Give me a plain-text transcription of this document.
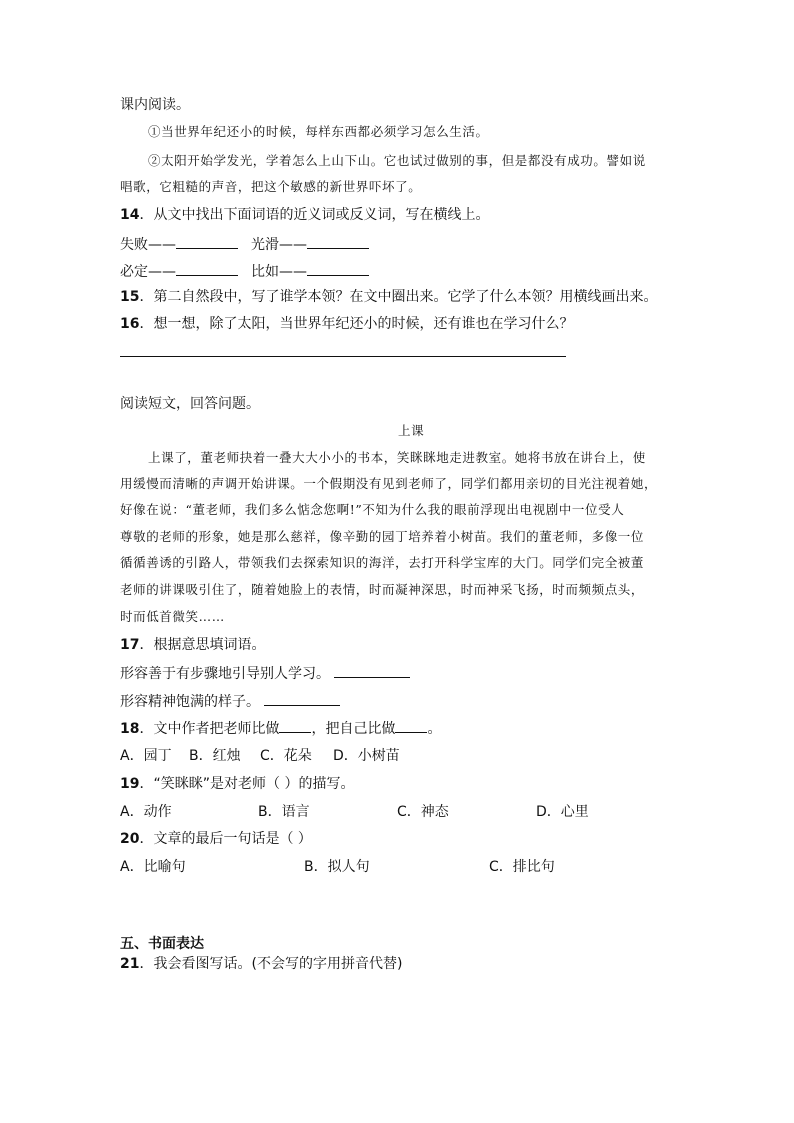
课内阅读。
①当世界年纪还小的时候，每样东西都必须学习怎么生活。
②太阳开始学发光，学着怎么上山下山。它也试过做别的事，但是都没有成功。譬如说
唱歌，它粗糙的声音，把这个敏感的新世界吓坏了。
14．从文中找出下面词语的近义词或反义词，写在横线上。
失败——	光滑——
必定——	比如——
15．第二自然段中，写了谁学本领？在文中圈出来。它学了什么本领？用横线画出来。
16．想一想，除了太阳，当世界年纪还小的时候，还有谁也在学习什么？
阅读短文，回答问题。
上课
上课了，董老师抉着一叠大大小小的书本，笑眯眯地走进教室。她将书放在讲台上，使
用缓慢而清晰的声调开始讲课。一个假期没有见到老师了，同学们都用亲切的目光注视着她，
好像在说：“董老师，我们多么惦念您啊!”不知为什么我的眼前浮现出电视剧中一位受人
尊敬的老师的形象，她是那么慈祥，像辛勤的园丁培养着小树苗。我们的董老师，多像一位
循循善诱的引路人，带领我们去探索知识的海洋，去打开科学宝库的大门。同学们完全被董
老师的讲课吸引住了，随着她脸上的表情，时而凝神深思，时而神采飞扬，时而频频点头，
时而低首微笑……
17．根据意思填词语。
形容善于有步骤地引导别人学习。
形容精神饱满的样子。
18．文中作者把老师比做 ，把自己比做 。
A．园丁 B．红烛 C．花朵 D．小树苗
19．“笑眯眯”是对老师（ ）的描写。
A．动作	B．语言	C．神态	D．心里
20．文章的最后一句话是（ ）
A．比喻句	B．拟人句	C．排比句
五、书面表达
21．我会看图写话。(不会写的字用拼音代替)
